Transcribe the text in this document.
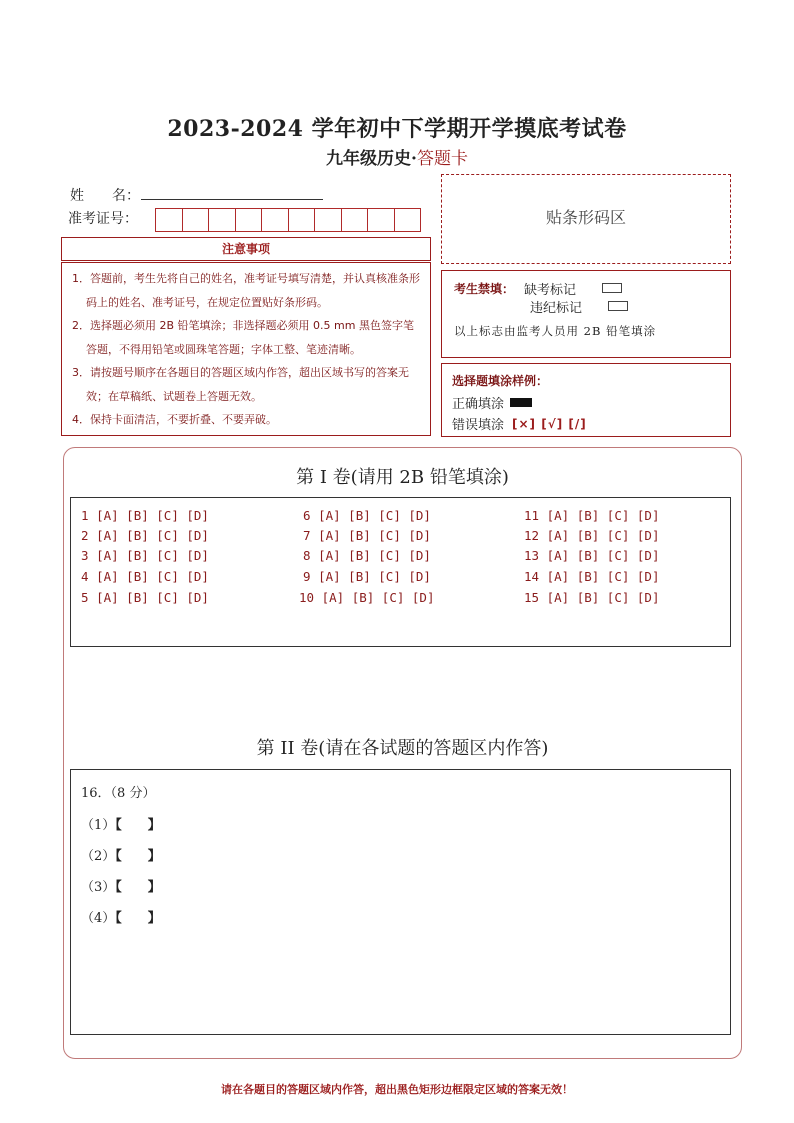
2023-2024 学年初中下学期开学摸底考试卷
九年级历史·答题卡
姓　　名：
准考证号：
注意事项

1．答题前，考生先将自己的姓名，准考证号填写清楚，并认真核准条形码上的姓名、准考证号，在规定位置贴好条形码。

2．选择题必须用 2B 铅笔填涂；非选择题必须用 0.5 mm 黑色签字笔答题，不得用铅笔或圆珠笔答题；字体工整、笔迹清晰。

3．请按题号顺序在各题目的答题区域内作答，超出区域书写的答案无效；在草稿纸、试题卷上答题无效。

4．保持卡面清洁，不要折叠、不要弄破。

贴条形码区
考生禁填： 缺考标记
违纪标记
以上标志由监考人员用 2B 铅笔填涂
选择题填涂样例：
正确填涂
错误填涂 [×] [√] [/]
第 I 卷(请用 2B 铅笔填涂)
1 [A] [B] [C] [D]
2 [A] [B] [C] [D]
3 [A] [B] [C] [D]
4 [A] [B] [C] [D]
5 [A] [B] [C] [D]
6 [A] [B] [C] [D]
7 [A] [B] [C] [D]
8 [A] [B] [C] [D]
9 [A] [B] [C] [D]
10 [A] [B] [C] [D]
11 [A] [B] [C] [D]
12 [A] [B] [C] [D]
13 [A] [B] [C] [D]
14 [A] [B] [C] [D]
15 [A] [B] [C] [D]
第 II 卷(请在各试题的答题区内作答)
16．（8 分）
（1）【　　】
（2）【　　】
（3）【　　】
（4）【　　】
请在各题目的答题区域内作答，超出黑色矩形边框限定区域的答案无效！
